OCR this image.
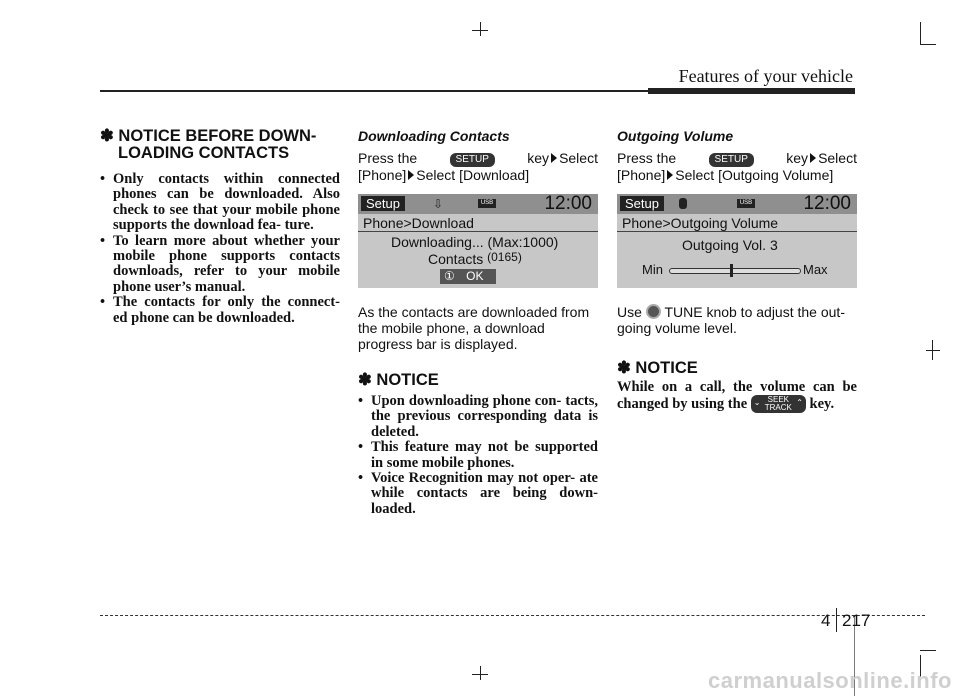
Features of your vehicle
✽ NOTICE BEFORE DOWN-
LOADING CONTACTS
• Only contacts within connected phones can be downloaded. Also check to see that your mobile phone supports the download fea- ture.
• To learn more about whether your mobile phone supports contacts downloads, refer to your mobile phone user’s manual.
• The contacts for only the connect- ed phone can be downloaded.
Downloading Contacts
Press the	SETUP	key Select
[Phone] Select [Download]
Setup	⇩	USB	12:00
Phone>Download
Downloading... (Max:1000)
Contacts (0165)
① OK
As the contacts are downloaded from the mobile phone, a download progress bar is displayed.
✽ NOTICE
• Upon downloading phone con- tacts, the previous corresponding data is deleted.
• This feature may not be supported in some mobile phones.
• Voice Recognition may not oper- ate while contacts are being down- loaded.
Outgoing Volume
Press the	SETUP	key Select
[Phone] Select [Outgoing Volume]
Setup	USB	12:00
Phone>Outgoing Volume
Outgoing Vol. 3
Min	Max
Use TUNE knob to adjust the out- going volume level.
✽ NOTICE
While on a call, the volume can be changed by using the	SEEK
TRACK
⌄	⌃ key.
4 217
carmanualsonline.info
